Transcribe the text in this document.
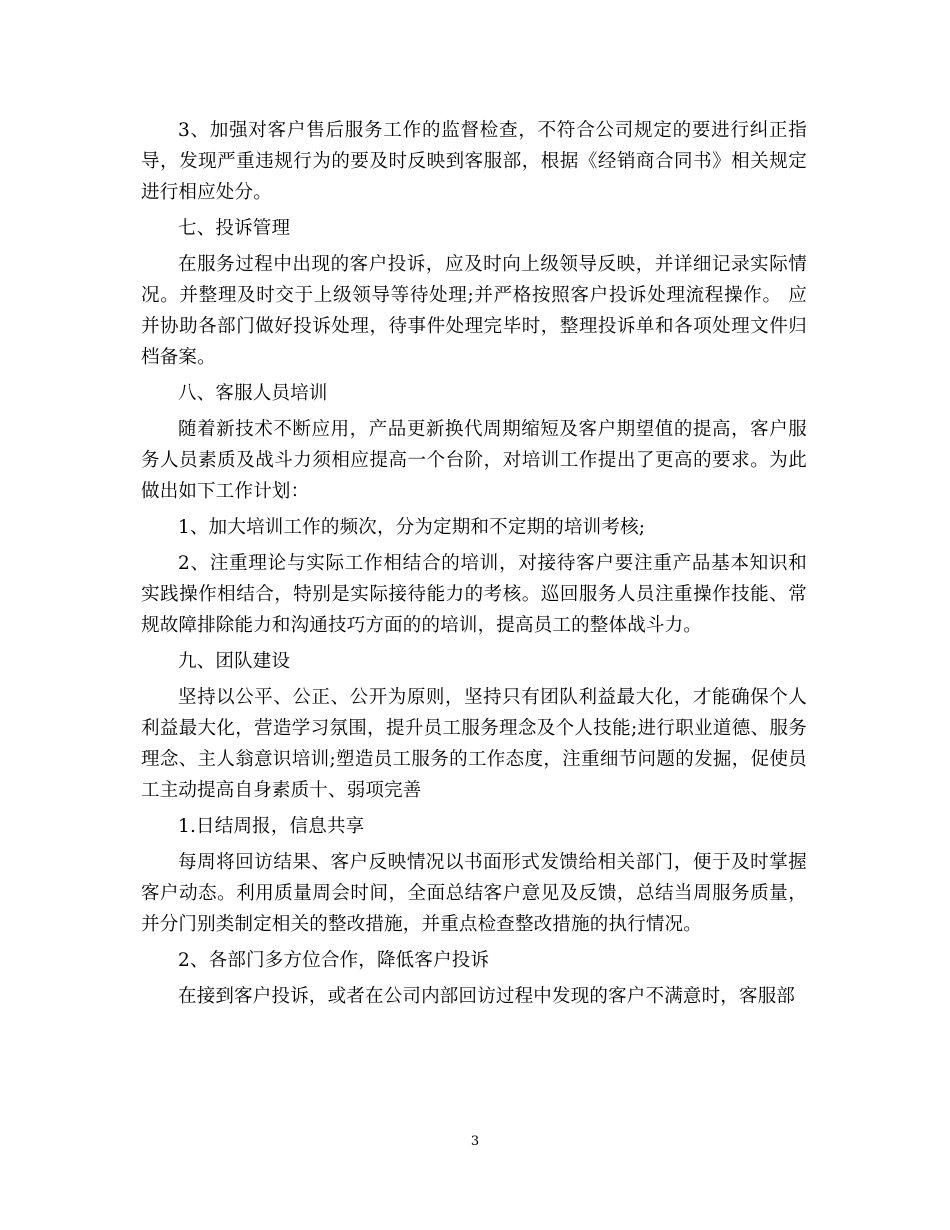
3、加强对客户售后服务工作的监督检查，不符合公司规定的要进行纠正指导，发现严重违规行为的要及时反映到客服部，根据《经销商合同书》相关规定进行相应处分。

七、投诉管理

在服务过程中出现的客户投诉，应及时向上级领导反映，并详细记录实际情况。并整理及时交于上级领导等待处理;并严格按照客户投诉处理流程操作。 应并协助各部门做好投诉处理，待事件处理完毕时，整理投诉单和各项处理文件归档备案。

八、客服人员培训

随着新技术不断应用，产品更新换代周期缩短及客户期望值的提高，客户服务人员素质及战斗力须相应提高一个台阶，对培训工作提出了更高的要求。为此做出如下工作计划：

1、加大培训工作的频次，分为定期和不定期的培训考核;

2、注重理论与实际工作相结合的培训，对接待客户要注重产品基本知识和实践操作相结合，特别是实际接待能力的考核。巡回服务人员注重操作技能、常规故障排除能力和沟通技巧方面的的培训，提高员工的整体战斗力。

九、团队建设

坚持以公平、公正、公开为原则，坚持只有团队利益最大化，才能确保个人利益最大化，营造学习氛围，提升员工服务理念及个人技能;进行职业道德、服务理念、主人翁意识培训;塑造员工服务的工作态度，注重细节问题的发掘，促使员工主动提高自身素质十、弱项完善

1.日结周报，信息共享

每周将回访结果、客户反映情况以书面形式发馈给相关部门，便于及时掌握客户动态。利用质量周会时间，全面总结客户意见及反馈，总结当周服务质量，并分门别类制定相关的整改措施，并重点检查整改措施的执行情况。

2、各部门多方位合作，降低客户投诉

在接到客户投诉，或者在公司内部回访过程中发现的客户不满意时，客服部

3
